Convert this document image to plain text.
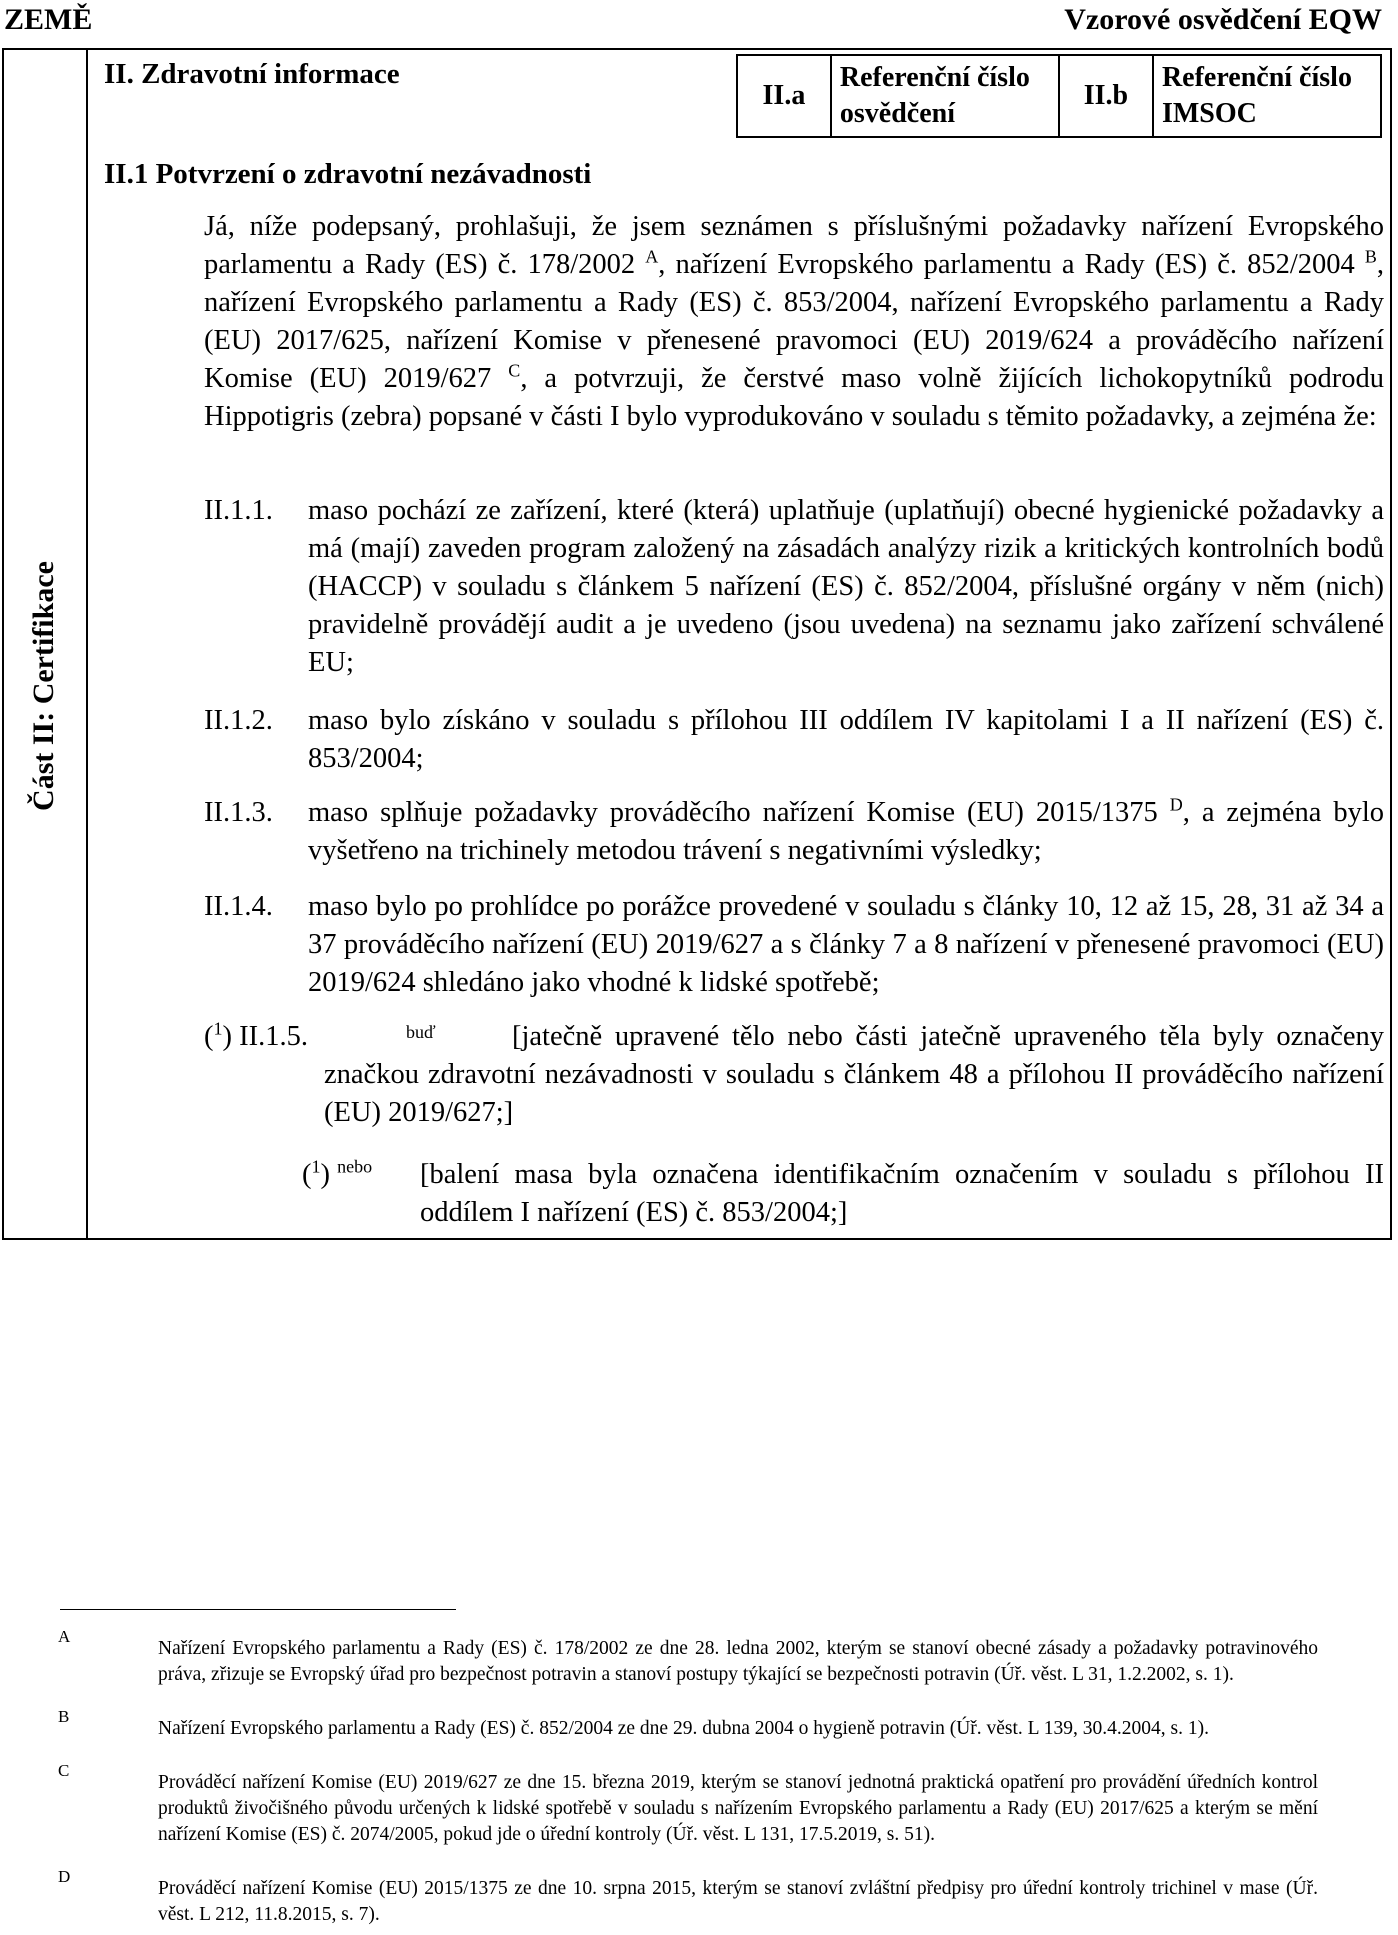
ZEMĚ	Vzorové osvědčení EQW
Část II: Certifikace
II. Zdravotní informace
II.a	Referenční číslo osvědčení	II.b	Referenční číslo IMSOC
II.1 Potvrzení o zdravotní nezávadnosti
Já, níže podepsaný, prohlašuji, že jsem seznámen s příslušnými požadavky nařízení Evropského parlamentu a Rady (ES) č. 178/2002 $^A$, nařízení Evropského parlamentu a Rady (ES) č. 852/2004 $^B$, nařízení Evropského parlamentu a Rady (ES) č. 853/2004, nařízení Evropského parlamentu a Rady (EU) 2017/625, nařízení Komise v přenesené pravomoci (EU) 2019/624 a prováděcího nařízení Komise (EU) 2019/627 $^C$, a potvrzuji, že čerstvé maso volně žijících lichokopytníků podrodu Hippotigris (zebra) popsané v části I bylo vyprodukováno v souladu s těmito požadavky, a zejména že:
II.1.1. maso pochází ze zařízení, které (která) uplatňuje (uplatňují) obecné hygienické požadavky a má (mají) zaveden program založený na zásadách analýzy rizik a kritických kontrolních bodů (HACCP) v souladu s článkem 5 nařízení (ES) č. 852/2004, příslušné orgány v něm (nich) pravidelně provádějí audit a je uvedeno (jsou uvedena) na seznamu jako zařízení schválené EU;
II.1.2. maso bylo získáno v souladu s přílohou III oddílem IV kapitolami I a II nařízení (ES) č. 853/2004;
II.1.3. maso splňuje požadavky prováděcího nařízení Komise (EU) 2015/1375 $^D$, a zejména bylo vyšetřeno na trichinely metodou trávení s negativními výsledky;
II.1.4. maso bylo po prohlídce po porážce provedené v souladu s články 10, 12 až 15, 28, 31 až 34 a 37 prováděcího nařízení (EU) 2019/627 a s články 7 a 8 nařízení v přenesené pravomoci (EU) 2019/624 shledáno jako vhodné k lidské spotřebě;
($^1$) II.1.5.	buď	[jatečně upravené tělo nebo části jatečně upraveného těla byly označeny značkou zdravotní nezávadnosti v souladu s článkem 48 a přílohou II prováděcího nařízení (EU) 2019/627;]
($^1$) $^{nebo}$ [balení masa byla označena identifikačním označením v souladu s přílohou II oddílem I nařízení (ES) č. 853/2004;]
A
Nařízení Evropského parlamentu a Rady (ES) č. 178/2002 ze dne 28. ledna 2002, kterým se stanoví obecné zásady a požadavky potravinového práva, zřizuje se Evropský úřad pro bezpečnost potravin a stanoví postupy týkající se bezpečnosti potravin (Úř. věst. L 31, 1.2.2002, s. 1).
B
Nařízení Evropského parlamentu a Rady (ES) č. 852/2004 ze dne 29. dubna 2004 o hygieně potravin (Úř. věst. L 139, 30.4.2004, s. 1).
C
Prováděcí nařízení Komise (EU) 2019/627 ze dne 15. března 2019, kterým se stanoví jednotná praktická opatření pro provádění úředních kontrol produktů živočišného původu určených k lidské spotřebě v souladu s nařízením Evropského parlamentu a Rady (EU) 2017/625 a kterým se mění nařízení Komise (ES) č. 2074/2005, pokud jde o úřední kontroly (Úř. věst. L 131, 17.5.2019, s. 51).
D
Prováděcí nařízení Komise (EU) 2015/1375 ze dne 10. srpna 2015, kterým se stanoví zvláštní předpisy pro úřední kontroly trichinel v mase (Úř. věst. L 212, 11.8.2015, s. 7).
